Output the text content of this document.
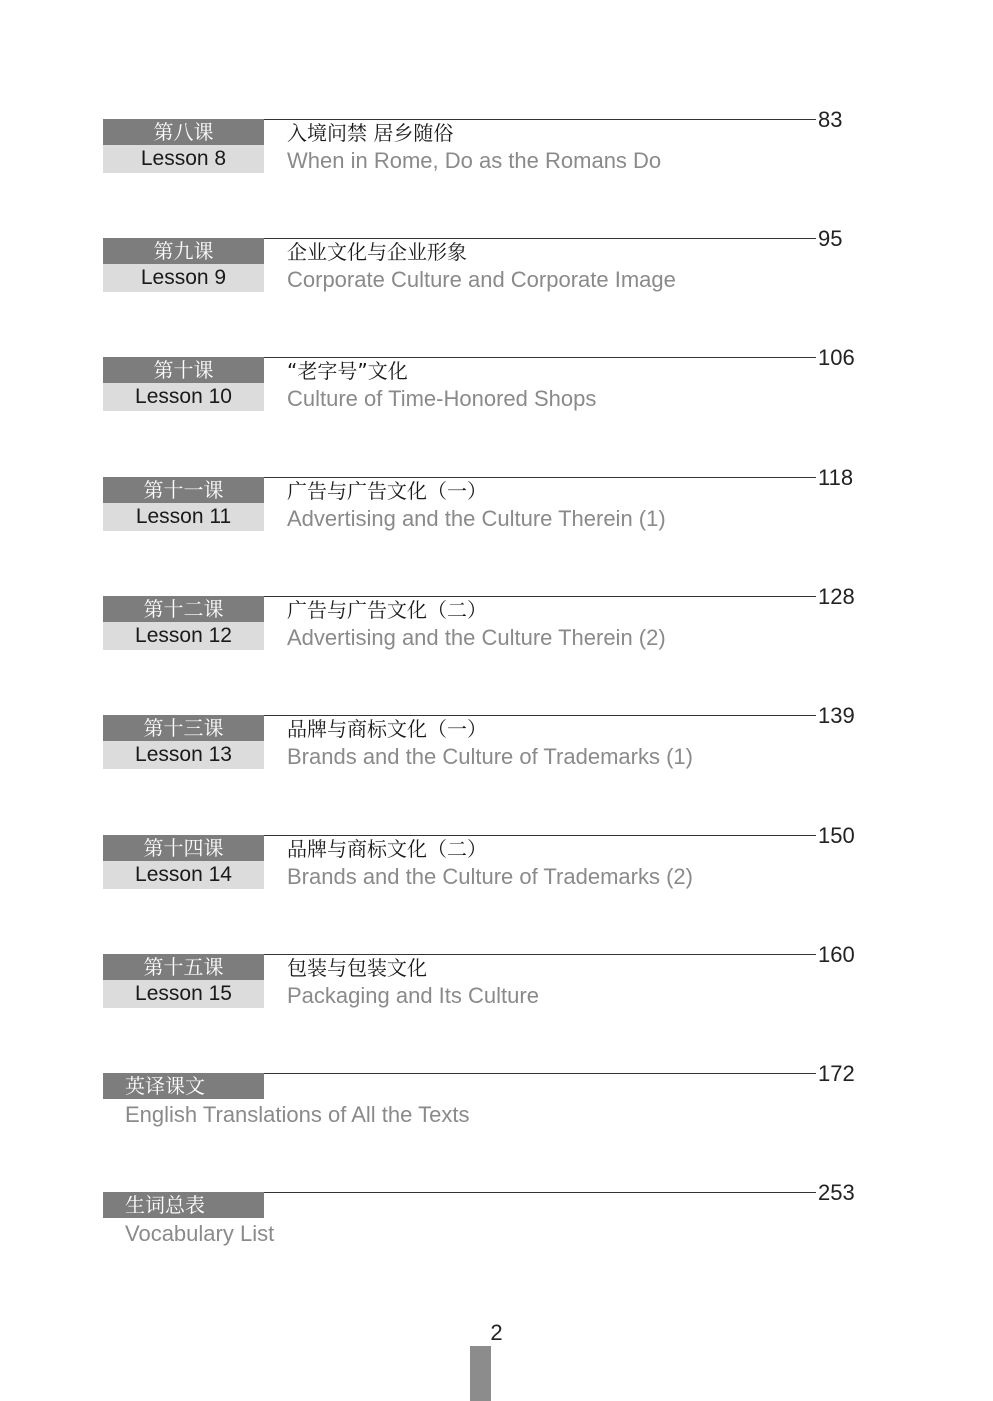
83
第八课
Lesson 8
入境问禁 居乡随俗
When in Rome, Do as the Romans Do
95
第九课
Lesson 9
企业文化与企业形象
Corporate Culture and Corporate Image
106
第十课
Lesson 10
“老字号”文化
Culture of Time-Honored Shops
118
第十一课
Lesson 11
广告与广告文化（一）
Advertising and the Culture Therein (1)
128
第十二课
Lesson 12
广告与广告文化（二）
Advertising and the Culture Therein (2)
139
第十三课
Lesson 13
品牌与商标文化（一）
Brands and the Culture of Trademarks (1)
150
第十四课
Lesson 14
品牌与商标文化（二）
Brands and the Culture of Trademarks (2)
160
第十五课
Lesson 15
包装与包装文化
Packaging and Its Culture
172
英译课文
English Translations of All the Texts
253
生词总表
Vocabulary List
2
